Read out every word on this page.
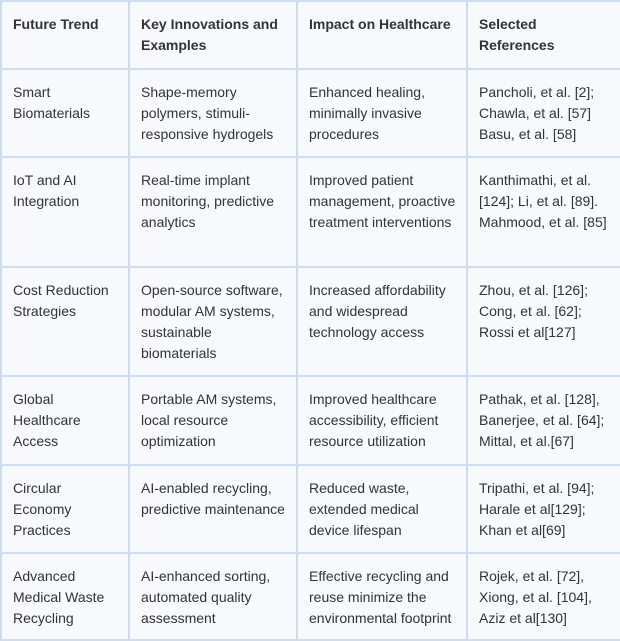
Future Trend	Key Innovations and Examples	Impact on Healthcare	Selected References
Smart Biomaterials	Shape-memory polymers, stimuli-responsive hydrogels	Enhanced healing, minimally invasive procedures	Pancholi, et al. [2]; Chawla, et al. [57] Basu, et al. [58]
IoT and AI Integration	Real-time implant monitoring, predictive analytics	Improved patient management, proactive treatment interventions	Kanthimathi, et al. [124]; Li, et al. [89]. Mahmood, et al. [85]
Cost Reduction Strategies	Open-source software, modular AM systems, sustainable biomaterials	Increased affordability and widespread technology access	Zhou, et al. [126]; Cong, et al. [62]; Rossi et al[127]
Global Healthcare Access	Portable AM systems, local resource optimization	Improved healthcare accessibility, efficient resource utilization	Pathak, et al. [128], Banerjee, et al. [64]; Mittal, et al.[67]
Circular Economy Practices	AI-enabled recycling, predictive maintenance	Reduced waste, extended medical device lifespan	Tripathi, et al. [94]; Harale et al[129]; Khan et al[69]
Advanced Medical Waste Recycling	AI-enhanced sorting, automated quality assessment	Effective recycling and reuse minimize the environmental footprint	Rojek, et al. [72], Xiong, et al. [104], Aziz et al[130]
